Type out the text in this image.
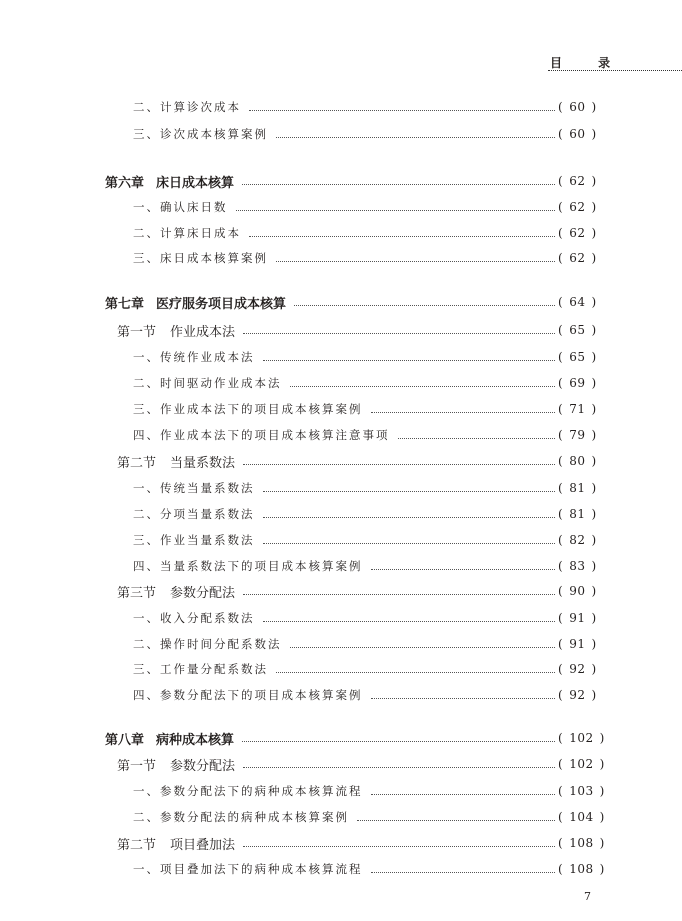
目 录
二、计算诊次成本	( 60 )
三、诊次成本核算案例	( 60 )
第六章 床日成本核算	( 62 )
一、确认床日数	( 62 )
二、计算床日成本	( 62 )
三、床日成本核算案例	( 62 )
第七章 医疗服务项目成本核算	( 64 )
第一节 作业成本法	( 65 )
一、传统作业成本法	( 65 )
二、时间驱动作业成本法	( 69 )
三、作业成本法下的项目成本核算案例	( 71 )
四、作业成本法下的项目成本核算注意事项	( 79 )
第二节 当量系数法	( 80 )
一、传统当量系数法	( 81 )
二、分项当量系数法	( 81 )
三、作业当量系数法	( 82 )
四、当量系数法下的项目成本核算案例	( 83 )
第三节 参数分配法	( 90 )
一、收入分配系数法	( 91 )
二、操作时间分配系数法	( 91 )
三、工作量分配系数法	( 92 )
四、参数分配法下的项目成本核算案例	( 92 )
第八章 病种成本核算	( 102 )
第一节 参数分配法	( 102 )
一、参数分配法下的病种成本核算流程	( 103 )
二、参数分配法的病种成本核算案例	( 104 )
第二节 项目叠加法	( 108 )
一、项目叠加法下的病种成本核算流程	( 108 )
7
